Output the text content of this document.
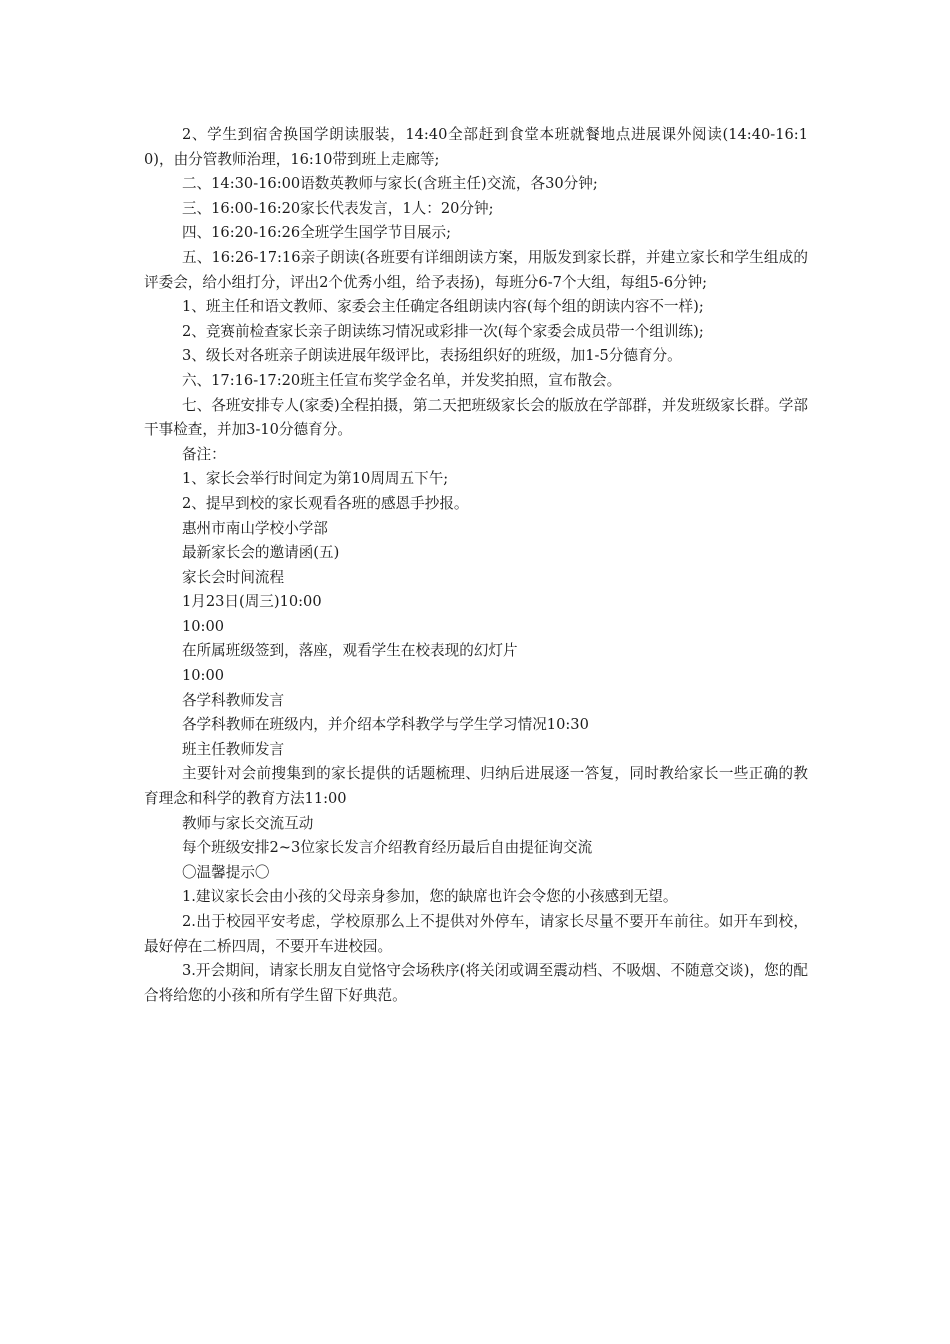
2、学生到宿舍换国学朗读服装，14:40全部赶到食堂本班就餐地点进展课外阅读(14:40-16:10)，由分管教师治理，16:10带到班上走廊等;

二、14:30-16:00语数英教师与家长(含班主任)交流，各30分钟;

三、16:00-16:20家长代表发言，1人：20分钟;

四、16:20-16:26全班学生国学节目展示;

五、16:26-17:16亲子朗读(各班要有详细朗读方案，用版发到家长群，并建立家长和学生组成的评委会，给小组打分，评出2个优秀小组，给予表扬)，每班分6-7个大组，每组5-6分钟;

1、班主任和语文教师、家委会主任确定各组朗读内容(每个组的朗读内容不一样);

2、竞赛前检查家长亲子朗读练习情况或彩排一次(每个家委会成员带一个组训练);

3、级长对各班亲子朗读进展年级评比，表扬组织好的班级，加1-5分德育分。

六、17:16-17:20班主任宣布奖学金名单，并发奖拍照，宣布散会。

七、各班安排专人(家委)全程拍摄，第二天把班级家长会的版放在学部群，并发班级家长群。学部干事检查，并加3-10分德育分。

备注：

1、家长会举行时间定为第10周周五下午;

2、提早到校的家长观看各班的感恩手抄报。

惠州市南山学校小学部

最新家长会的邀请函(五)

家长会时间流程

1月23日(周三)10:00

10:00

在所属班级签到，落座，观看学生在校表现的幻灯片

10:00

各学科教师发言

各学科教师在班级内，并介绍本学科教学与学生学习情况10:30

班主任教师发言

主要针对会前搜集到的家长提供的话题梳理、归纳后进展逐一答复，同时教给家长一些正确的教育理念和科学的教育方法11:00

教师与家长交流互动

每个班级安排2~3位家长发言介绍教育经历最后自由提征询交流

〇温馨提示〇

1.建议家长会由小孩的父母亲身参加，您的缺席也许会令您的小孩感到无望。

2.出于校园平安考虑，学校原那么上不提供对外停车，请家长尽量不要开车前往。如开车到校，最好停在二桥四周，不要开车进校园。

3.开会期间，请家长朋友自觉恪守会场秩序(将关闭或调至震动档、不吸烟、不随意交谈)，您的配合将给您的小孩和所有学生留下好典范。
